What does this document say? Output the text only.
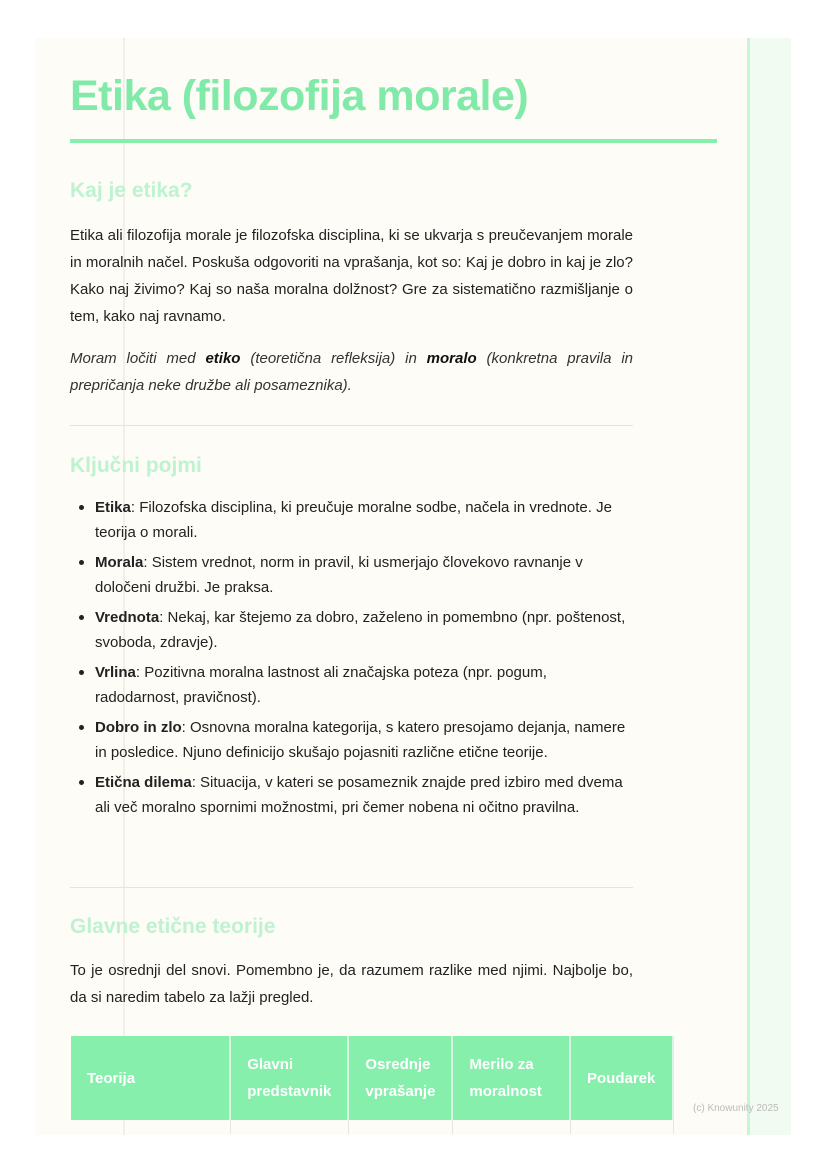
Etika (filozofija morale)
Kaj je etika?

Etika ali filozofija morale je filozofska disciplina, ki se ukvarja s preučevanjem morale in moralnih načel. Poskuša odgovoriti na vprašanja, kot so: Kaj je dobro in kaj je zlo? Kako naj živimo? Kaj so naša moralna dolžnost? Gre za sistematično razmišljanje o tem, kako naj ravnamo.

Moram ločiti med etiko (teoretična refleksija) in moralo (konkretna pravila in prepričanja neke družbe ali posameznika).

Ključni pojmi
Etika: Filozofska disciplina, ki preučuje moralne sodbe, načela in vrednote. Je teorija o morali.
Morala: Sistem vrednot, norm in pravil, ki usmerjajo človekovo ravnanje v določeni družbi. Je praksa.
Vrednota: Nekaj, kar štejemo za dobro, zaželeno in pomembno (npr. poštenost, svoboda, zdravje).
Vrlina: Pozitivna moralna lastnost ali značajska poteza (npr. pogum, radodarnost, pravičnost).
Dobro in zlo: Osnovna moralna kategorija, s katero presojamo dejanja, namere in posledice. Njuno definicijo skušajo pojasniti različne etične teorije.
Etična dilema: Situacija, v kateri se posameznik znajde pred izbiro med dvema ali več moralno spornimi možnostmi, pri čemer nobena ni očitno pravilna.
Glavne etične teorije

To je osrednji del snovi. Pomembno je, da razumem razlike med njimi. Najbolje bo, da si naredim tabelo za lažji pregled.

Teorija	Glavni predstavnik	Osrednje vprašanje	Merilo za moralnost	Poudarek

(c) Knowunity 2025
